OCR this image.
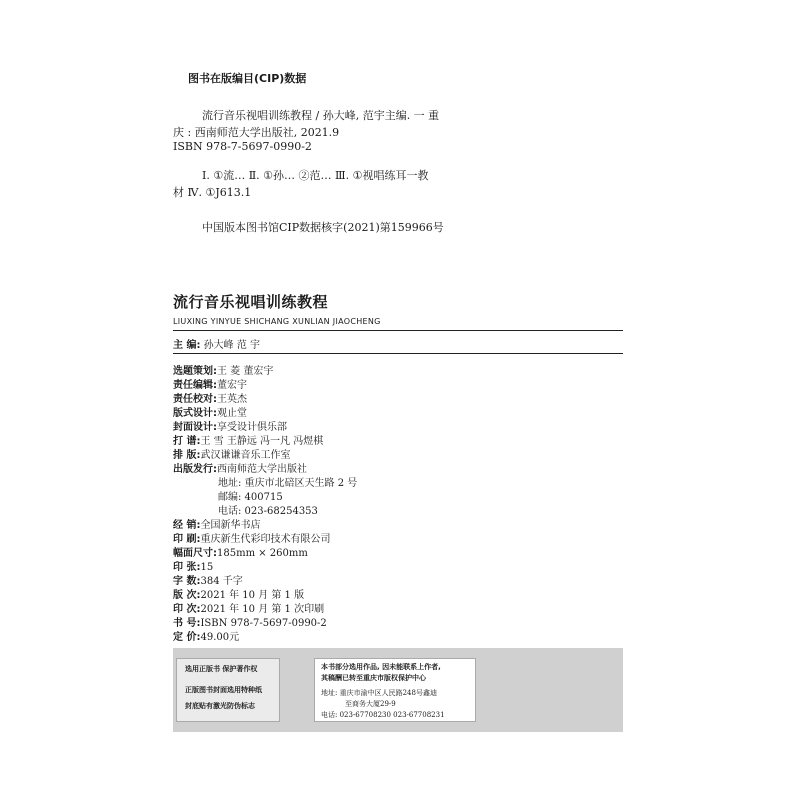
图书在版编目(CIP)数据
流行音乐视唱训练教程 / 孙大峰, 范宇主编. 一 重
庆 : 西南师范大学出版社, 2021.9
ISBN 978-7-5697-0990-2
Ⅰ. ①流… Ⅱ. ①孙… ②范… Ⅲ. ①视唱练耳一教
材 Ⅳ. ①J613.1
中国版本图书馆CIP数据核字(2021)第159966号
流行音乐视唱训练教程
LIUXING YINYUE SHICHANG XUNLIAN JIAOCHENG
主 编: 孙大峰 范 宇
选题策划:王 菱 董宏宇
责任编辑:董宏宇
责任校对:王英杰
版式设计:观止堂
封面设计:享受设计俱乐部
打 谱:王 雪 王静远 冯一凡 冯煜棋
排 版:武汉谦谦音乐工作室
出版发行:西南师范大学出版社
地址: 重庆市北碚区天生路 2 号
邮编: 400715
电话: 023-68254353
经 销:全国新华书店
印 刷:重庆新生代彩印技术有限公司
幅面尺寸:185mm × 260mm
印 张:15
字 数:384 千字
版 次:2021 年 10 月 第 1 版
印 次:2021 年 10 月 第 1 次印刷
书 号:ISBN 978-7-5697-0990-2
定 价:49.00元
选用正版书 保护著作权
正版图书封面选用特种纸
封底贴有激光防伪标志
本书部分选用作品, 因未能联系上作者,
其稿酬已转至重庆市版权保护中心
地址: 重庆市渝中区人民路248号鑫迪
至商务大厦29-9
电话: 023-67708230 023-67708231
